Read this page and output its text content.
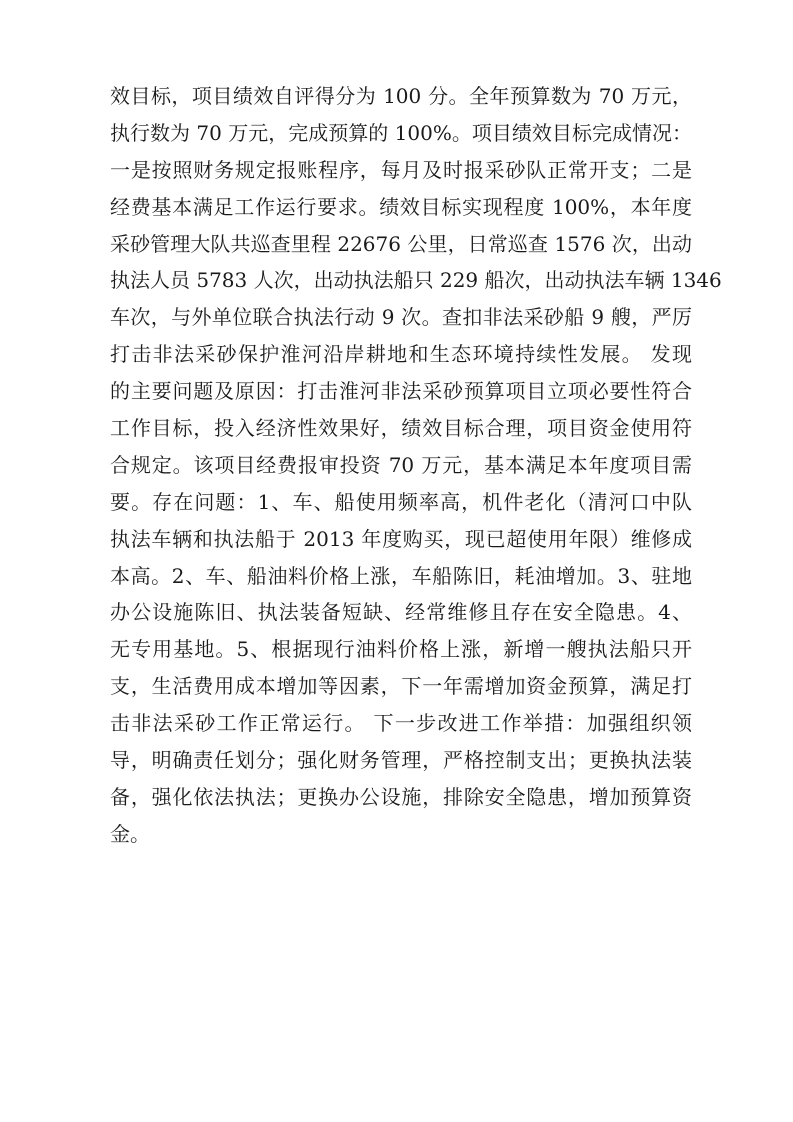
效目标，项目绩效自评得分为 100 分。全年预算数为 70 万元，
执行数为 70 万元，完成预算的 100%。项目绩效目标完成情况：
一是按照财务规定报账程序，每月及时报采砂队正常开支；二是
经费基本满足工作运行要求。绩效目标实现程度 100%，本年度
采砂管理大队共巡查里程 22676 公里，日常巡查 1576 次，出动
执法人员 5783 人次，出动执法船只 229 船次，出动执法车辆 1346
车次，与外单位联合执法行动 9 次。查扣非法采砂船 9 艘，严厉
打击非法采砂保护淮河沿岸耕地和生态环境持续性发展。 发现
的主要问题及原因：打击淮河非法采砂预算项目立项必要性符合
工作目标，投入经济性效果好，绩效目标合理，项目资金使用符
合规定。该项目经费报审投资 70 万元，基本满足本年度项目需
要。存在问题：1、车、船使用频率高，机件老化（清河口中队
执法车辆和执法船于 2013 年度购买，现已超使用年限）维修成
本高。2、车、船油料价格上涨，车船陈旧，耗油增加。3、驻地
办公设施陈旧、执法装备短缺、经常维修且存在安全隐患。4、
无专用基地。5、根据现行油料价格上涨，新增一艘执法船只开
支，生活费用成本增加等因素，下一年需增加资金预算，满足打
击非法采砂工作正常运行。 下一步改进工作举措：加强组织领
导，明确责任划分；强化财务管理，严格控制支出；更换执法装
备，强化依法执法；更换办公设施，排除安全隐患，增加预算资
金。
